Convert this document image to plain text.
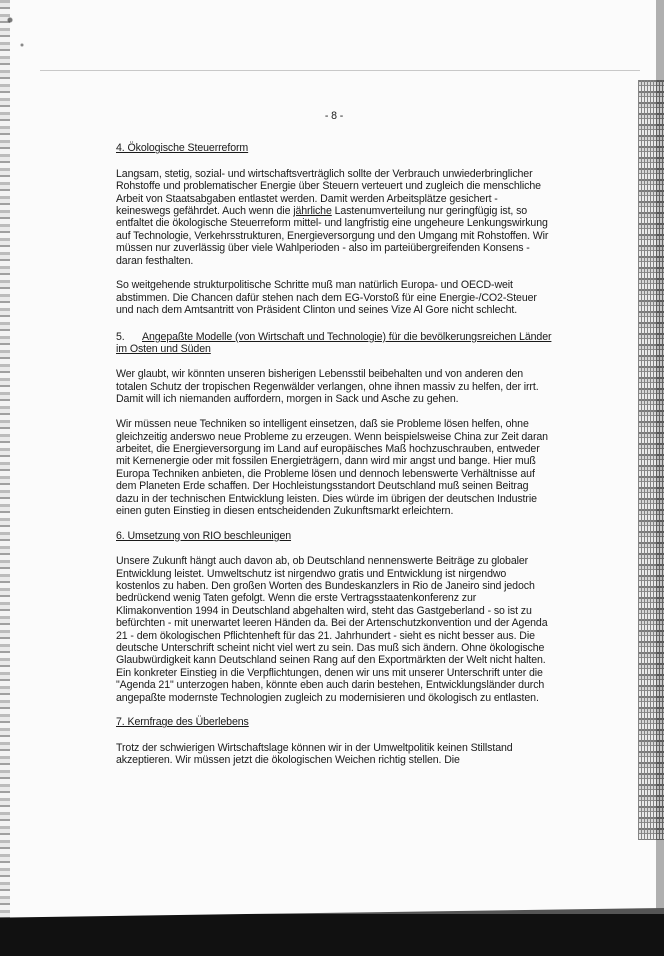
- 8 -
4. Ökologische Steuerreform

Langsam, stetig, sozial- und wirtschaftsverträglich sollte der Verbrauch unwiederbringlicher Rohstoffe und problematischer Energie über Steuern verteuert und zugleich die menschliche Arbeit von Staatsabgaben entlastet werden. Damit werden Arbeitsplätze gesichert - keineswegs gefährdet. Auch wenn die jährliche Lastenumverteilung nur geringfügig ist, so entfaltet die ökologische Steuerreform mittel- und langfristig eine ungeheure Lenkungswirkung auf Technologie, Verkehrsstrukturen, Energieversorgung und den Umgang mit Rohstoffen. Wir müssen nur zuverlässig über viele Wahlperioden - also im parteiübergreifenden Konsens - daran festhalten.

So weitgehende strukturpolitische Schritte muß man natürlich Europa- und OECD-weit abstimmen. Die Chancen dafür stehen nach dem EG-Vorstoß für eine Energie-/CO2-Steuer und nach dem Amtsantritt von Präsident Clinton und seines Vize Al Gore nicht schlecht.

5. Angepaßte Modelle (von Wirtschaft und Technologie) für die bevölkerungsreichen Länder im Osten und Süden

Wer glaubt, wir könnten unseren bisherigen Lebensstil beibehalten und von anderen den totalen Schutz der tropischen Regenwälder verlangen, ohne ihnen massiv zu helfen, der irrt. Damit will ich niemanden auffordern, morgen in Sack und Asche zu gehen.

Wir müssen neue Techniken so intelligent einsetzen, daß sie Probleme lösen helfen, ohne gleichzeitig anderswo neue Probleme zu erzeugen. Wenn beispielsweise China zur Zeit daran arbeitet, die Energieversorgung im Land auf europäisches Maß hochzuschrauben, entweder mit Kernenergie oder mit fossilen Energieträgern, dann wird mir angst und bange. Hier muß Europa Techniken anbieten, die Probleme lösen und dennoch lebenswerte Verhältnisse auf dem Planeten Erde schaffen. Der Hochleistungsstandort Deutschland muß seinen Beitrag dazu in der technischen Entwicklung leisten. Dies würde im übrigen der deutschen Industrie einen guten Einstieg in diesen entscheidenden Zukunftsmarkt erleichtern.

6. Umsetzung von RIO beschleunigen

Unsere Zukunft hängt auch davon ab, ob Deutschland nennenswerte Beiträge zu globaler Entwicklung leistet. Umweltschutz ist nirgendwo gratis und Entwicklung ist nirgendwo kostenlos zu haben. Den großen Worten des Bundeskanzlers in Rio de Janeiro sind jedoch bedrückend wenig Taten gefolgt. Wenn die erste Vertragsstaatenkonferenz zur Klimakonvention 1994 in Deutschland abgehalten wird, steht das Gastgeberland - so ist zu befürchten - mit unerwartet leeren Händen da. Bei der Artenschutzkonvention und der Agenda 21 - dem ökologischen Pflichtenheft für das 21. Jahrhundert - sieht es nicht besser aus. Die deutsche Unterschrift scheint nicht viel wert zu sein. Das muß sich ändern. Ohne ökologische Glaubwürdigkeit kann Deutschland seinen Rang auf den Exportmärkten der Welt nicht halten. Ein konkreter Einstieg in die Verpflichtungen, denen wir uns mit unserer Unterschrift unter die "Agenda 21" unterzogen haben, könnte eben auch darin bestehen, Entwicklungsländer durch angepaßte modernste Technologien zugleich zu modernisieren und ökologisch zu entlasten.

7. Kernfrage des Überlebens

Trotz der schwierigen Wirtschaftslage können wir in der Umweltpolitik keinen Stillstand akzeptieren. Wir müssen jetzt die ökologischen Weichen richtig stellen. Die
